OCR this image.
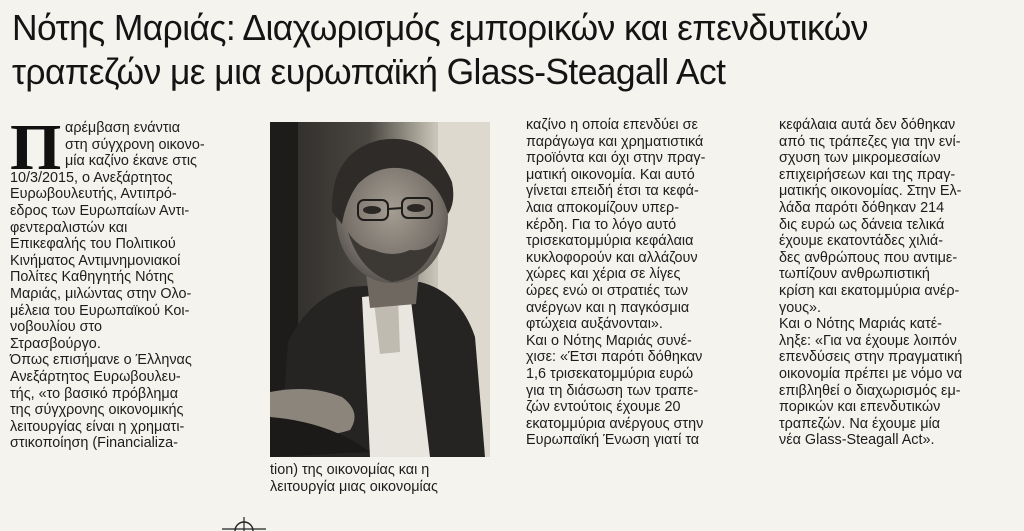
Νότης Μαριάς: Διαχωρισμός εμπορικών και επενδυτικών
τραπεζών με μια ευρωπαϊκή Glass-Steagall Act
Π αρέμβαση ενάντια
στη σύγχρονη οικονο-
μία καζίνο έκανε στις
10/3/2015, ο Ανεξάρτητος
Ευρωβουλευτής, Αντιπρό-
εδρος των Ευρωπαίων Αντι-
φεντεραλιστών και
Επικεφαλής του Πολιτικού
Κινήματος Αντιμνημονιακοί
Πολίτες Καθηγητής Νότης
Μαριάς, μιλώντας στην Ολο-
μέλεια του Ευρωπαϊκού Κοι-
νοβουλίου στο
Στρασβούργο.
Όπως επισήμανε ο Έλληνας
Ανεξάρτητος Ευρωβουλευ-
τής, «το βασικό πρόβλημα
της σύγχρονης οικονομικής
λειτουργίας είναι η χρηματι-
στικοποίηση (Financializa-
tion) της οικονομίας και η
λειτουργία μιας οικονομίας
καζίνο η οποία επενδύει σε
παράγωγα και χρηματιστικά
προϊόντα και όχι στην πραγ-
ματική οικονομία. Και αυτό
γίνεται επειδή έτσι τα κεφά-
λαια αποκομίζουν υπερ-
κέρδη. Για το λόγο αυτό
τρισεκατομμύρια κεφάλαια
κυκλοφορούν και αλλάζουν
χώρες και χέρια σε λίγες
ώρες ενώ οι στρατιές των
ανέργων και η παγκόσμια
φτώχεια αυξάνονται».
Και ο Νότης Μαριάς συνέ-
χισε: «Έτσι παρότι δόθηκαν
1,6 τρισεκατομμύρια ευρώ
για τη διάσωση των τραπε-
ζών εντούτοις έχουμε 20
εκατομμύρια ανέργους στην
Ευρωπαϊκή Ένωση γιατί τα
κεφάλαια αυτά δεν δόθηκαν
από τις τράπεζες για την ενί-
σχυση των μικρομεσαίων
επιχειρήσεων και της πραγ-
ματικής οικονομίας. Στην Ελ-
λάδα παρότι δόθηκαν 214
δις ευρώ ως δάνεια τελικά
έχουμε εκατοντάδες χιλιά-
δες ανθρώπους που αντιμε-
τωπίζουν ανθρωπιστική
κρίση και εκατομμύρια ανέρ-
γους».
Και ο Νότης Μαριάς κατέ-
ληξε: «Για να έχουμε λοιπόν
επενδύσεις στην πραγματική
οικονομία πρέπει με νόμο να
επιβληθεί ο διαχωρισμός εμ-
πορικών και επενδυτικών
τραπεζών. Να έχουμε μία
νέα Glass-Steagall Act».
